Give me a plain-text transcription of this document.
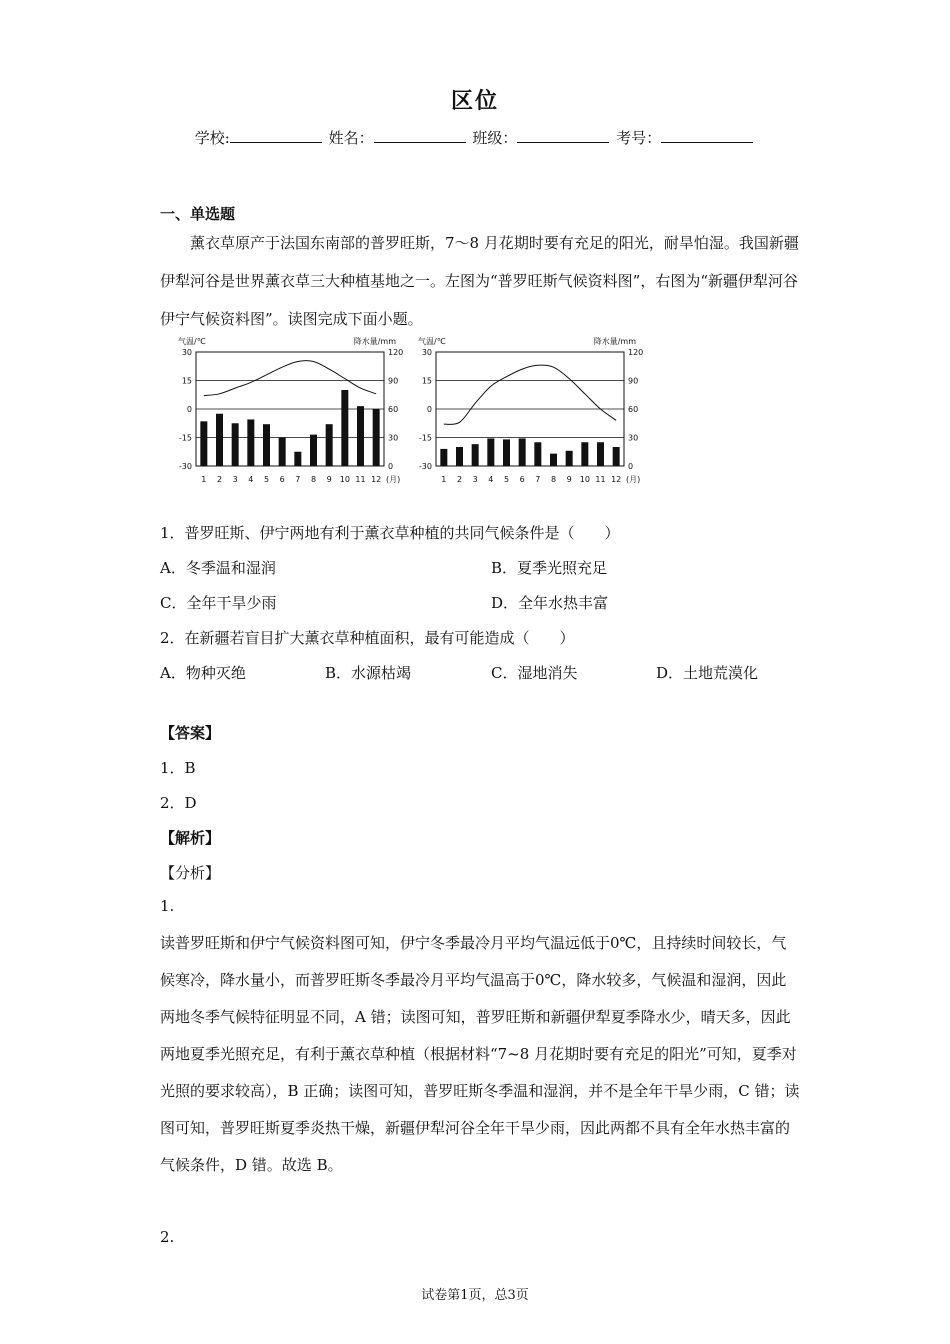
区位
学校:	姓名：	班级：	考号：
一、单选题
薰衣草原产于法国东南部的普罗旺斯，7～8 月花期时要有充足的阳光，耐旱怕湿。我国新疆伊犁河谷是世界薰衣草三大种植基地之一。左图为“普罗旺斯气候资料图”，右图为“新疆伊犁河谷伊宁气候资料图”。读图完成下面小题。
气温/℃	降水量/mm
30
15
0
-15
-30
120
90
60
30
0
1 2 3 4 5 6 7 8 9 10 11 12 (月)
气温/℃	降水量/mm
30
15
0
-15
-30
120
90
60
30
0
1 2 3 4 5 6 7 8 9 10 11 12 (月)
1．普罗旺斯、伊宁两地有利于薰衣草种植的共同气候条件是（　　）
A．冬季温和湿润	B．夏季光照充足
C．全年干旱少雨	D．全年水热丰富
2．在新疆若盲目扩大薰衣草种植面积，最有可能造成（　　）
A．物种灭绝	B．水源枯竭	C．湿地消失	D．土地荒漠化
【答案】
1．B
2．D
【解析】
【分析】
1.
读普罗旺斯和伊宁气候资料图可知，伊宁冬季最冷月平均气温远低于0℃，且持续时间较长，气候寒冷，降水量小，而普罗旺斯冬季最冷月平均气温高于0℃，降水较多，气候温和湿润，因此两地冬季气候特征明显不同，A 错；读图可知，普罗旺斯和新疆伊犁夏季降水少，晴天多，因此两地夏季光照充足，有利于薰衣草种植（根据材料“7~8 月花期时要有充足的阳光”可知，夏季对光照的要求较高），B 正确；读图可知，普罗旺斯冬季温和湿润，并不是全年干旱少雨，C 错；读图可知，普罗旺斯夏季炎热干燥，新疆伊犁河谷全年干旱少雨，因此两都不具有全年水热丰富的气候条件，D 错。故选 B。
2.
试卷第1页，总3页
